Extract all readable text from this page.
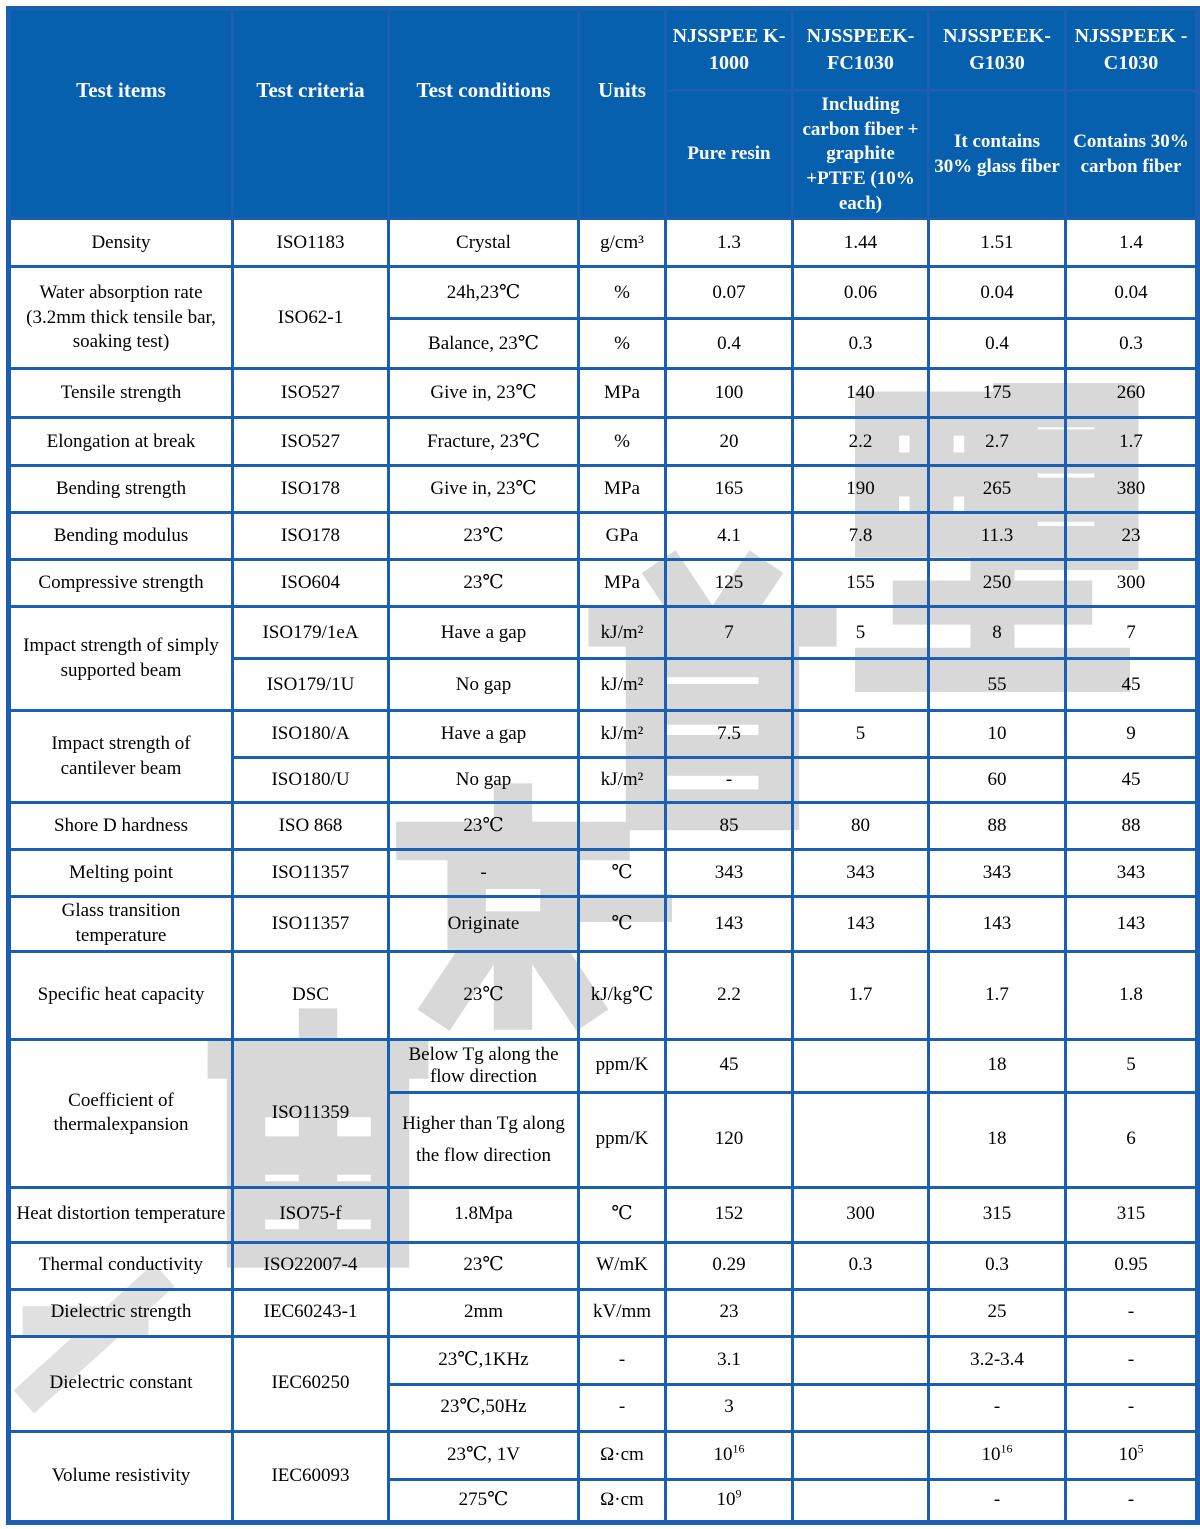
Test items	Test criteria	Test conditions	Units	NJSSPEE K-1000	NJSSPEEK-FC1030	NJSSPEEK-G1030	NJSSPEEK -C1030
				Pure resin	Including carbon fiber + graphite +PTFE (10% each)	It contains 30% glass fiber	Contains 30% carbon fiber
Density	ISO1183	Crystal	g/cm³	1.3	1.44	1.51	1.4
Water absorption rate (3.2mm thick tensile bar, soaking test)	ISO62-1	24h,23℃	%	0.07	0.06	0.04	0.04
		Balance, 23℃	%	0.4	0.3	0.4	0.3
Tensile strength	ISO527	Give in, 23℃	MPa	100	140	175	260
Elongation at break	ISO527	Fracture, 23℃	%	20	2.2	2.7	1.7
Bending strength	ISO178	Give in, 23℃	MPa	165	190	265	380
Bending modulus	ISO178	23℃	GPa	4.1	7.8	11.3	23
Compressive strength	ISO604	23℃	MPa	125	155	250	300
Impact strength of simply supported beam	ISO179/1eA	Have a gap	kJ/m²	7	5	8	7
	ISO179/1U	No gap	kJ/m²			55	45
Impact strength of cantilever beam	ISO180/A	Have a gap	kJ/m²	7.5	5	10	9
	ISO180/U	No gap	kJ/m²	-		60	45
Shore D hardness	ISO 868	23℃		85	80	88	88
Melting point	ISO11357	-	℃	343	343	343	343
Glass transition temperature	ISO11357	Originate	℃	143	143	143	143
Specific heat capacity	DSC	23℃	kJ/kg℃	2.2	1.7	1.7	1.8
Coefficient of thermalexpansion	ISO11359	Below Tg along the flow direction	ppm/K	45		18	5
		Higher than Tg along the flow direction	ppm/K	120		18	6
Heat distortion temperature	ISO75-f	1.8Mpa	℃	152	300	315	315
Thermal conductivity	ISO22007-4	23℃	W/mK	0.29	0.3	0.3	0.95
Dielectric strength	IEC60243-1	2mm	kV/mm	23		25	-
Dielectric constant	IEC60250	23℃,1KHz	-	3.1		3.2-3.4	-
		23℃,50Hz	-	3		-	-
Volume resistivity	IEC60093	23℃, 1V	Ω·cm	$10^{16}$		$10^{16}$	$10^5$
		275℃	Ω·cm	$10^9$		-	-
